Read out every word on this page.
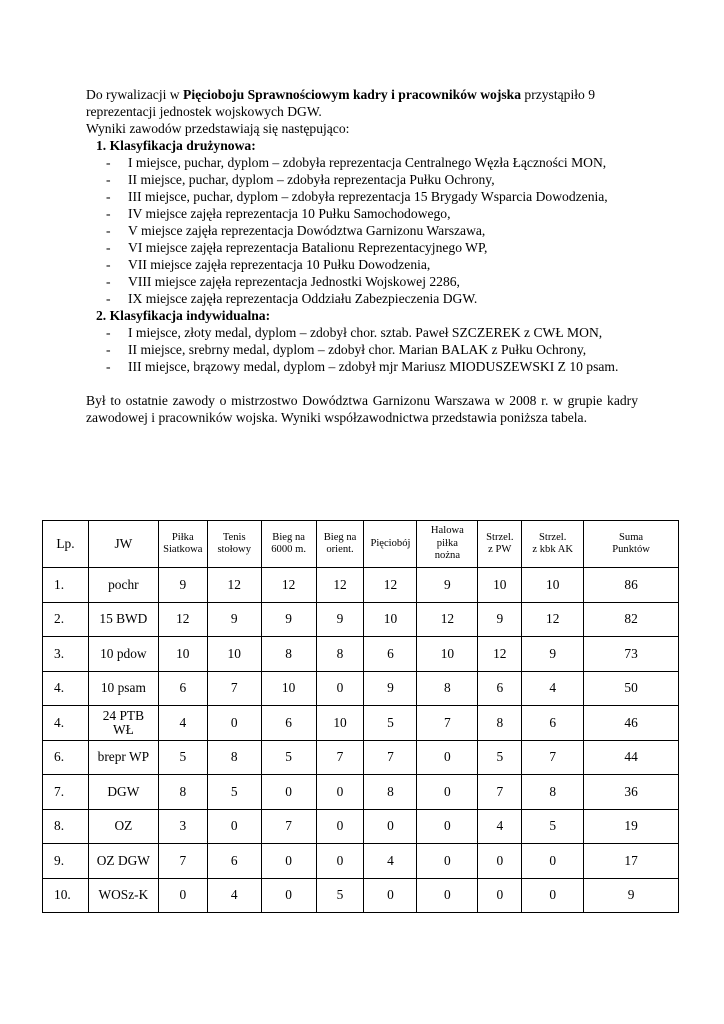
Do rywalizacji w Pięcioboju Sprawnościowym kadry i pracowników wojska przystąpiło 9 reprezentacji jednostek wojskowych DGW.

Wyniki zawodów przedstawiają się następująco:

1. Klasyfikacja drużynowa:

- I miejsce, puchar, dyplom – zdobyła reprezentacja Centralnego Węzła Łączności MON,
- II miejsce, puchar, dyplom – zdobyła reprezentacja Pułku Ochrony,
- III miejsce, puchar, dyplom – zdobyła reprezentacja 15 Brygady Wsparcia Dowodzenia,
- IV miejsce zajęła reprezentacja 10 Pułku Samochodowego,
- V miejsce zajęła reprezentacja Dowództwa Garnizonu Warszawa,
- VI miejsce zajęła reprezentacja Batalionu Reprezentacyjnego WP,
- VII miejsce zajęła reprezentacja 10 Pułku Dowodzenia,
- VIII miejsce zajęła reprezentacja Jednostki Wojskowej 2286,
- IX miejsce zajęła reprezentacja Oddziału Zabezpieczenia DGW.

2. Klasyfikacja indywidualna:

- I miejsce, złoty medal, dyplom – zdobył chor. sztab. Paweł SZCZEREK z CWŁ MON,
- II miejsce, srebrny medal, dyplom – zdobył chor. Marian BALAK z Pułku Ochrony,
- III miejsce, brązowy medal, dyplom – zdobył mjr Mariusz MIODUSZEWSKI Z 10 psam.

Był to ostatnie zawody o mistrzostwo Dowództwa Garnizonu Warszawa w 2008 r. w grupie kadry zawodowej i pracowników wojska. Wyniki współzawodnictwa przedstawia poniższa tabela.

Lp.	JW	Piłka
Siatkowa	Tenis
stołowy	Bieg na
6000 m.	Bieg na
orient.	Pięciobój	Halowa
piłka
nożna	Strzel.
z PW	Strzel.
z kbk AK	Suma
Punktów
1.	pochr	9	12	12	12	12	9	10	10	86
2.	15 BWD	12	9	9	9	10	12	9	12	82
3.	10 pdow	10	10	8	8	6	10	12	9	73
4.	10 psam	6	7	10	0	9	8	6	4	50
4.	24 PTB
WŁ	4	0	6	10	5	7	8	6	46
6.	brepr WP	5	8	5	7	7	0	5	7	44
7.	DGW	8	5	0	0	8	0	7	8	36
8.	OZ	3	0	7	0	0	0	4	5	19
9.	OZ DGW	7	6	0	0	4	0	0	0	17
10.	WOSz-K	0	4	0	5	0	0	0	0	9
